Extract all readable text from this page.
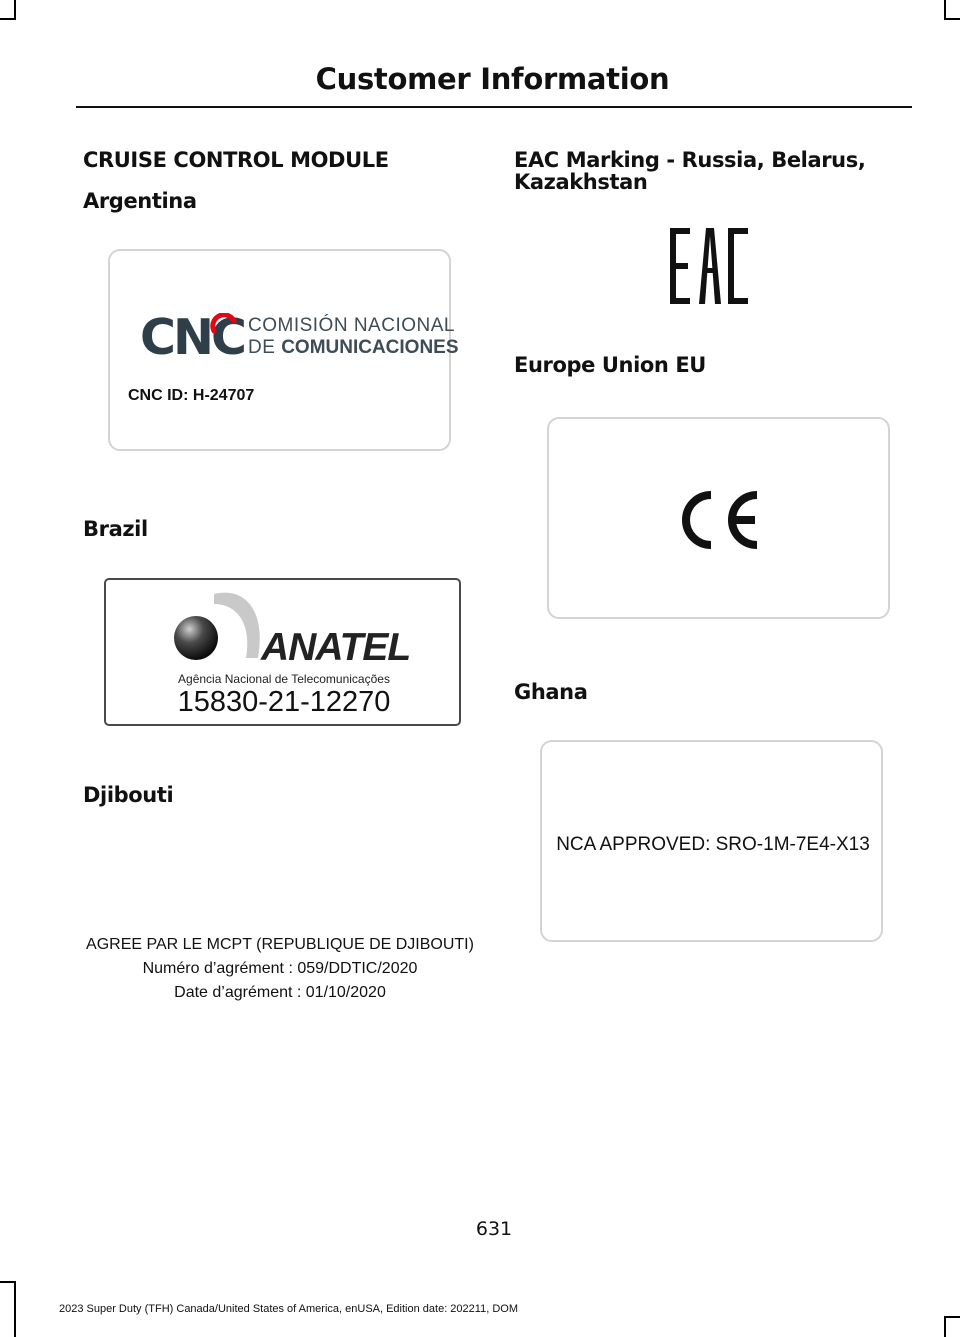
Customer Information
CRUISE CONTROL MODULE
Argentina
CNC COMISIÓN NACIONAL
DE COMUNICACIONES
CNC ID: H-24707
Brazil
ANATEL
Agência Nacional de Telecomunicações
15830-21-12270
Djibouti
AGREE PAR LE MCPT (REPUBLIQUE DE DJIBOUTI)
Numéro d’agrément : 059/DDTIC/2020
Date d’agrément : 01/10/2020
EAC Marking - Russia, Belarus,
Kazakhstan
Europe Union EU
Ghana
NCA APPROVED: SRO-1M-7E4-X13
631
2023 Super Duty (TFH) Canada/United States of America, enUSA, Edition date: 202211, DOM
